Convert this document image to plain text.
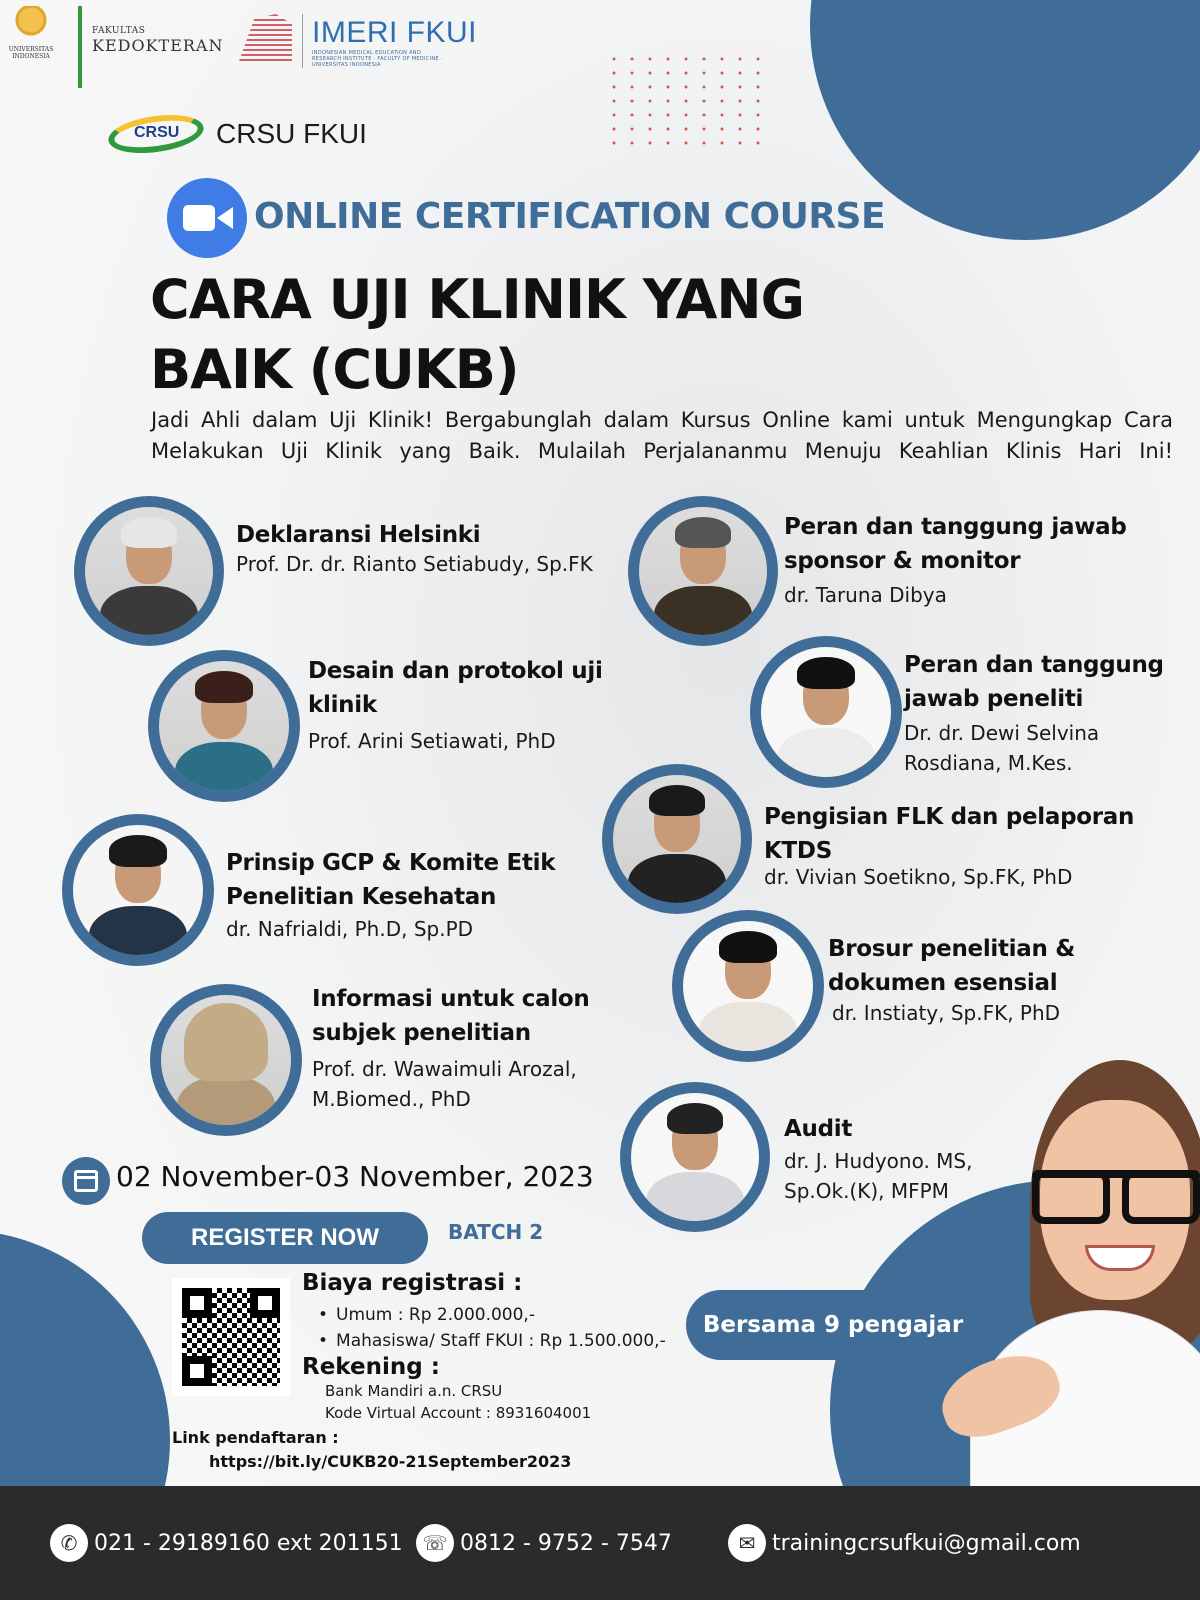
UNIVERSITAS
INDONESIA
FAKULTAS
KEDOKTERAN	IMERI FKUI
INDONESIAN MEDICAL EDUCATION AND RESEARCH INSTITUTE · FACULTY OF MEDICINE · UNIVERSITAS INDONESIA
CRSU CRSU FKUI
ONLINE CERTIFICATION COURSE
CARA UJI KLINIK YANG
BAIK (CUKB)
Jadi Ahli dalam Uji Klinik! Bergabunglah dalam Kursus Online kami untuk Mengungkap Cara Melakukan Uji Klinik yang Baik. Mulailah Perjalananmu Menuju Keahlian Klinis Hari Ini!
Deklaransi Helsinki
Prof. Dr. dr. Rianto Setiabudy, Sp.FK
Desain dan protokol uji klinik
Prof. Arini Setiawati, PhD
Prinsip GCP & Komite Etik Penelitian Kesehatan
dr. Nafrialdi, Ph.D, Sp.PD
Informasi untuk calon subjek penelitian
Prof. dr. Wawaimuli Arozal, M.Biomed., PhD
Peran dan tanggung jawab sponsor & monitor
dr. Taruna Dibya
Peran dan tanggung jawab peneliti
Dr. dr. Dewi Selvina Rosdiana, M.Kes.
Pengisian FLK dan pelaporan KTDS
dr. Vivian Soetikno, Sp.FK, PhD
Brosur penelitian & dokumen esensial
dr. Instiaty, Sp.FK, PhD
Audit
dr. J. Hudyono. MS, Sp.Ok.(K), MFPM
02 November-03 November, 2023
REGISTER NOW	BATCH 2
Biaya registrasi :
• Umum : Rp 2.000.000,-
• Mahasiswa/ Staff FKUI : Rp 1.500.000,-
Rekening :
Bank Mandiri a.n. CRSU
Kode Virtual Account : 8931604001
Link pendaftaran :
https://bit.ly/CUKB20-21September2023
Bersama 9 pengajar
✆ 021 - 29189160 ext 201151 ☏ 0812 - 9752 - 7547	✉ trainingcrsufkui@gmail.com
